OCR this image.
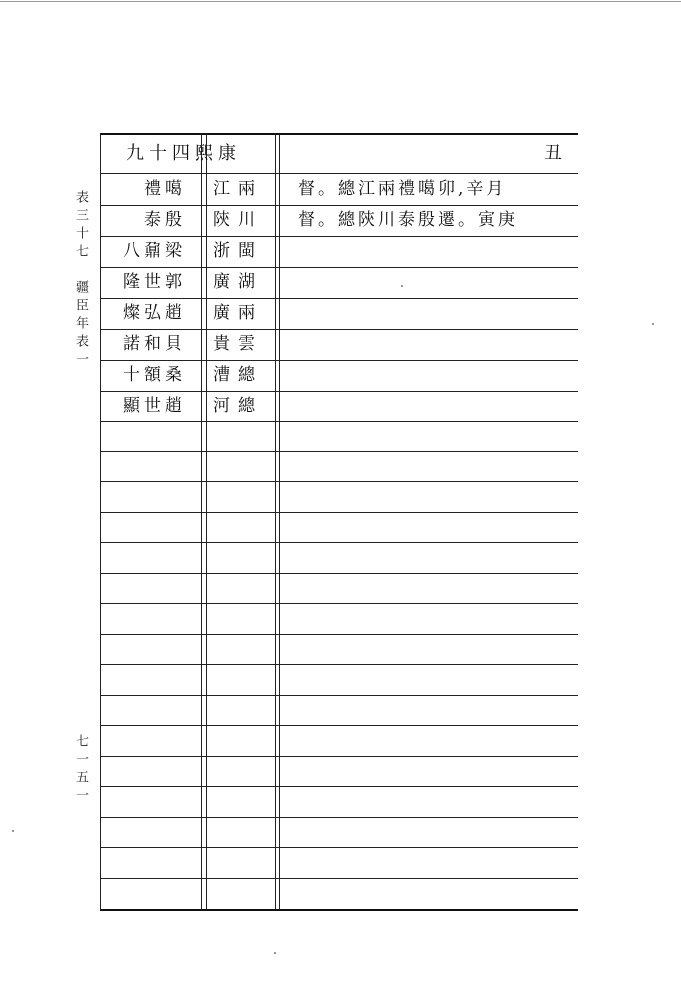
表三十七　疆臣年表一
七一五一
九十四熙康	丑
禮噶 江兩 督。總江兩禮噶卯,辛月
泰殷 陝川 督。總陝川泰殷遷。寅庚
八鼐梁 浙閩
隆世郭 廣湖
燦弘趙 廣兩
諾和貝 貴雲
十額桑 漕總
顯世趙 河總
